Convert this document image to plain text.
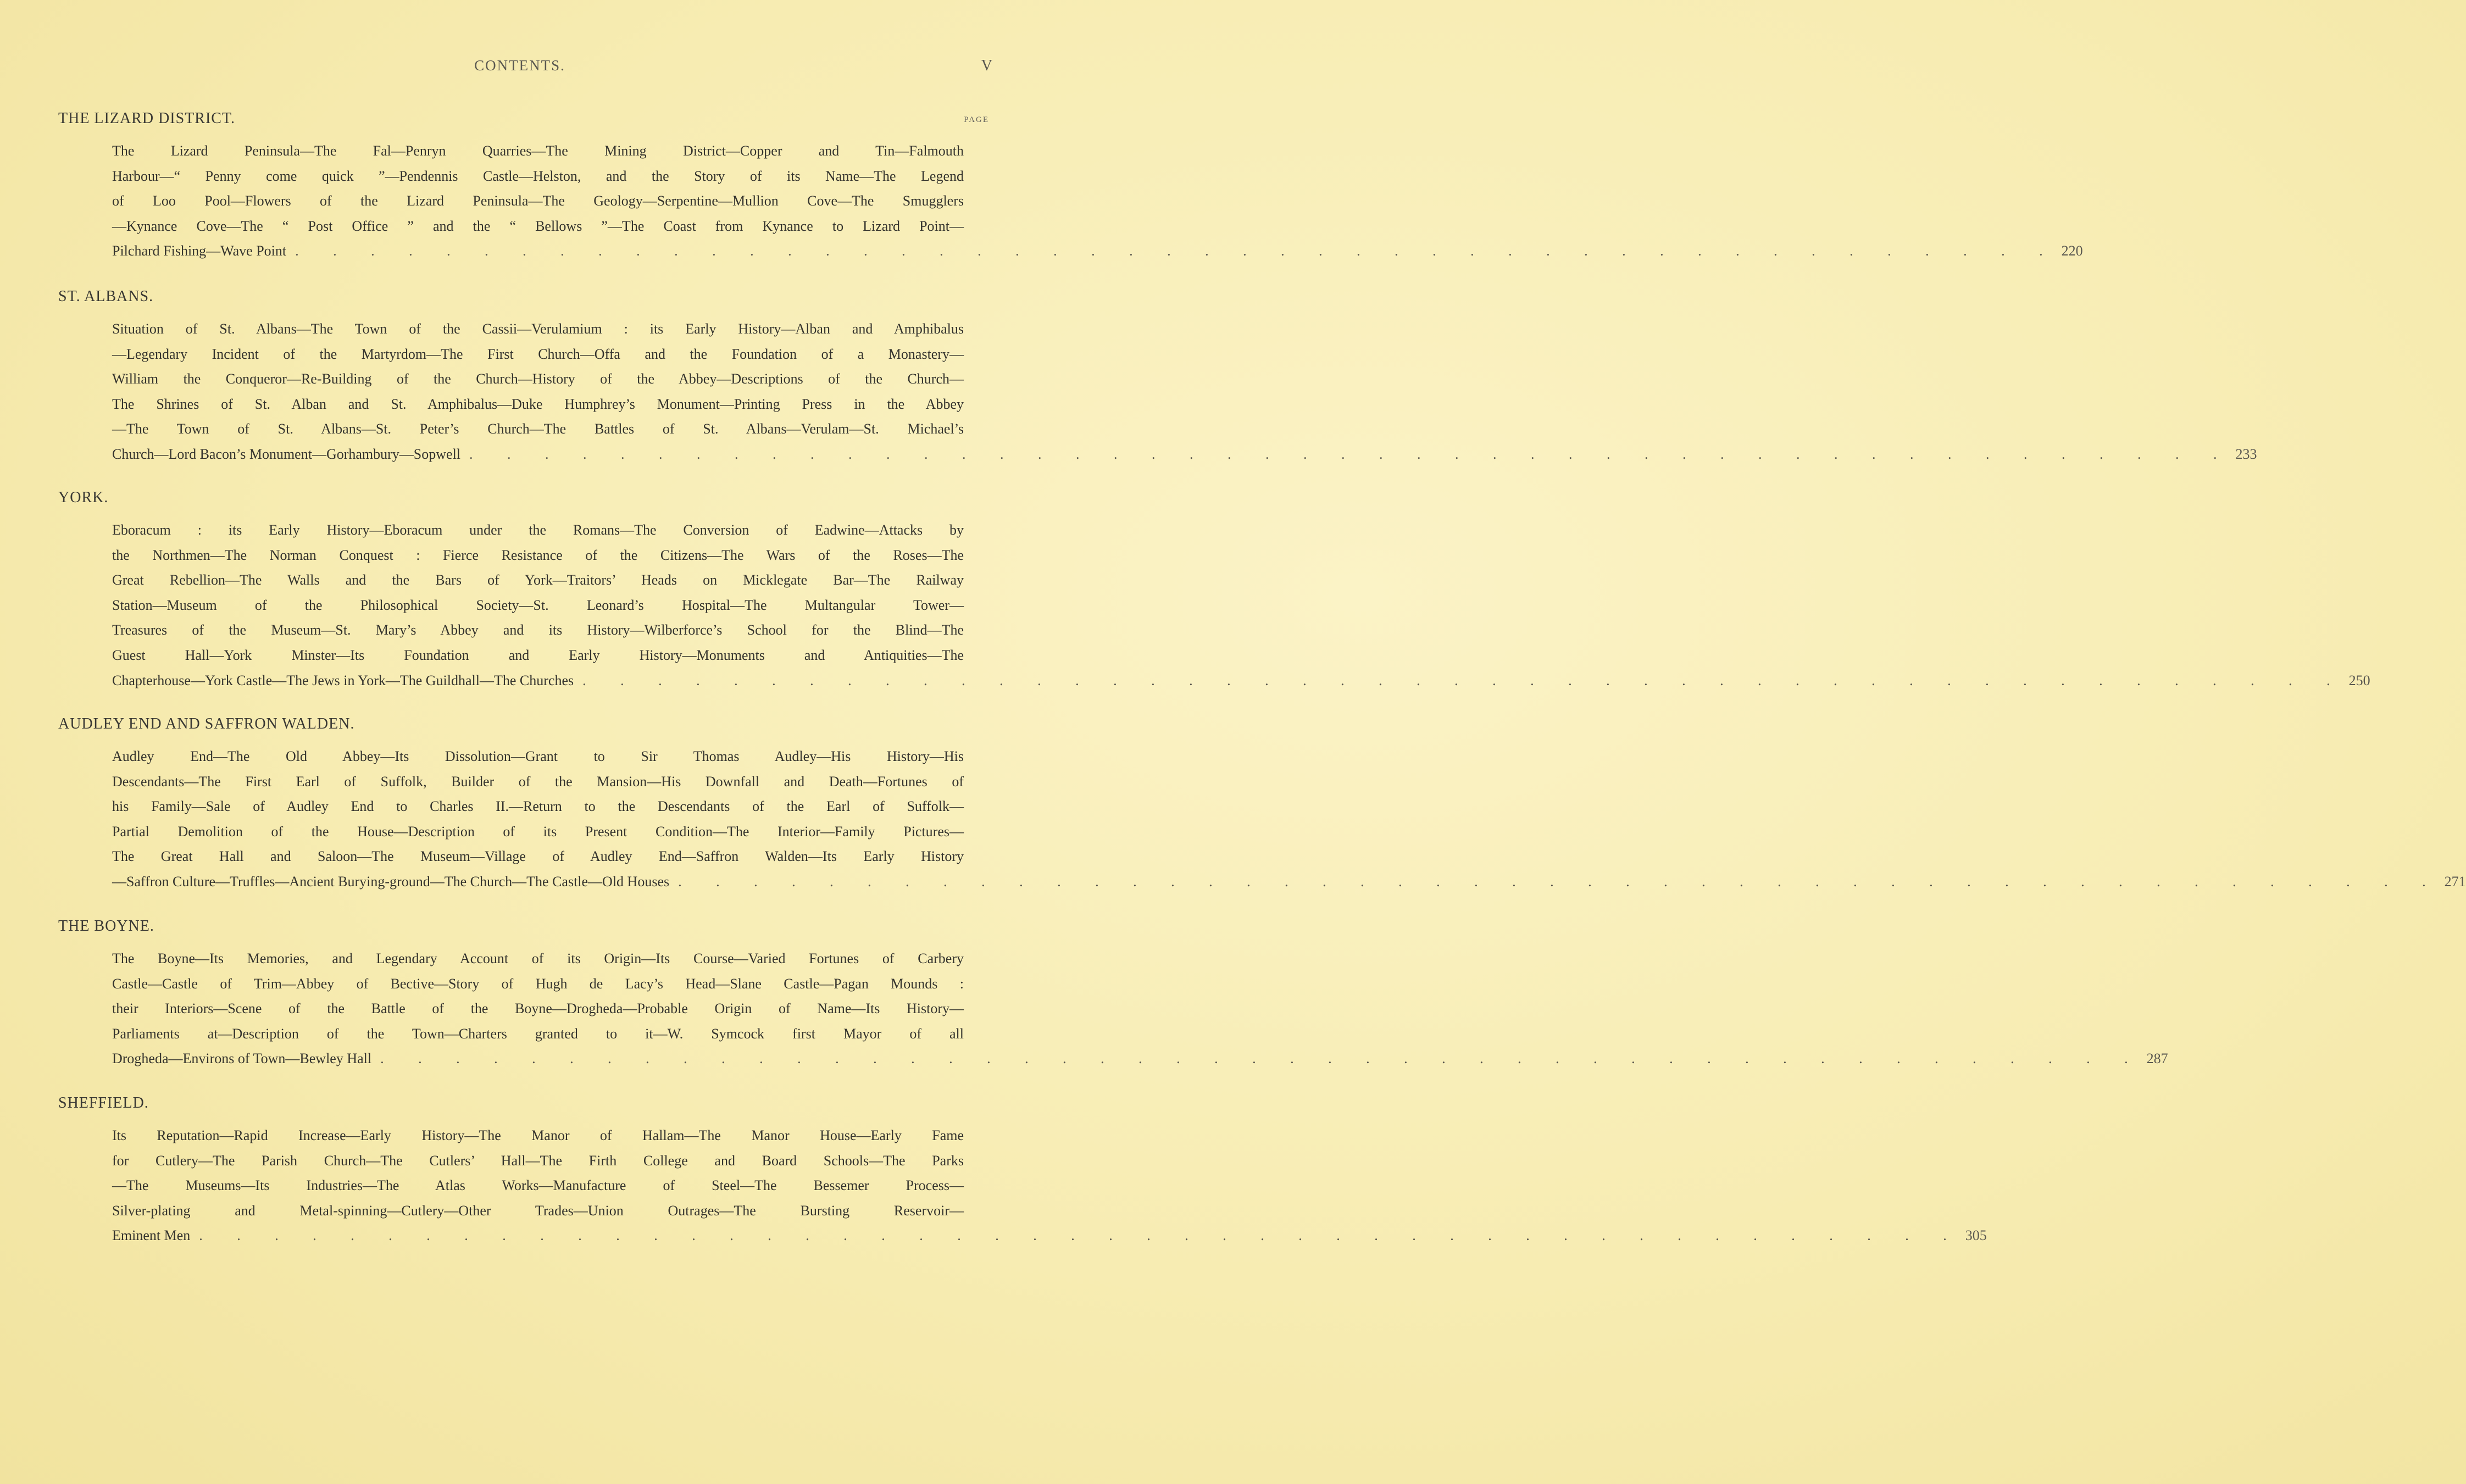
CONTENTS.	V
PAGE
THE LIZARD DISTRICT.
The Lizard Peninsula—The Fal—Penryn Quarries—The Mining District—Copper and Tin—Falmouth
Harbour—“ Penny come quick ”—Pendennis Castle—Helston, and the Story of its Name—The Legend
of Loo Pool—Flowers of the Lizard Peninsula—The Geology—Serpentine—Mullion Cove—The Smugglers
—Kynance Cove—The “ Post Office ” and the “ Bellows ”—The Coast from Kynance to Lizard Point—
Pilchard Fishing—Wave Point . . . . . . . . . . . . . . . . . . . . . . . . . . . . . . . . . . . . . . . . . . . . . . . 220
ST. ALBANS.
Situation of St. Albans—The Town of the Cassii—Verulamium : its Early History—Alban and Amphibalus
—Legendary Incident of the Martyrdom—The First Church—Offa and the Foundation of a Monastery—
William the Conqueror—Re-Building of the Church—History of the Abbey—Descriptions of the Church—
The Shrines of St. Alban and St. Amphibalus—Duke Humphrey’s Monument—Printing Press in the Abbey
—The Town of St. Albans—St. Peter’s Church—The Battles of St. Albans—Verulam—St. Michael’s
Church—Lord Bacon’s Monument—Gorhambury—Sopwell . . . . . . . . . . . . . . . . . . . . . . . . . . . . . . . . . . . . . . . . . . . . . . . 233
YORK.
Eboracum : its Early History—Eboracum under the Romans—The Conversion of Eadwine—Attacks by
the Northmen—The Norman Conquest : Fierce Resistance of the Citizens—The Wars of the Roses—The
Great Rebellion—The Walls and the Bars of York—Traitors’ Heads on Micklegate Bar—The Railway
Station—Museum of the Philosophical Society—St. Leonard’s Hospital—The Multangular Tower—
Treasures of the Museum—St. Mary’s Abbey and its History—Wilberforce’s School for the Blind—The
Guest Hall—York Minster—Its Foundation and Early History—Monuments and Antiquities—The
Chapterhouse—York Castle—The Jews in York—The Guildhall—The Churches . . . . . . . . . . . . . . . . . . . . . . . . . . . . . . . . . . . . . . . . . . . . . . . 250
AUDLEY END AND SAFFRON WALDEN.
Audley End—The Old Abbey—Its Dissolution—Grant to Sir Thomas Audley—His History—His
Descendants—The First Earl of Suffolk, Builder of the Mansion—His Downfall and Death—Fortunes of
his Family—Sale of Audley End to Charles II.—Return to the Descendants of the Earl of Suffolk—
Partial Demolition of the House—Description of its Present Condition—The Interior—Family Pictures—
The Great Hall and Saloon—The Museum—Village of Audley End—Saffron Walden—Its Early History
—Saffron Culture—Truffles—Ancient Burying-ground—The Church—The Castle—Old Houses . . . . . . . . . . . . . . . . . . . . . . . . . . . . . . . . . . . . . . . . . . . . . . . 271
THE BOYNE.
The Boyne—Its Memories, and Legendary Account of its Origin—Its Course—Varied Fortunes of Carbery
Castle—Castle of Trim—Abbey of Bective—Story of Hugh de Lacy’s Head—Slane Castle—Pagan Mounds :
their Interiors—Scene of the Battle of the Boyne—Drogheda—Probable Origin of Name—Its History—
Parliaments at—Description of the Town—Charters granted to it—W. Symcock first Mayor of all
Drogheda—Environs of Town—Bewley Hall . . . . . . . . . . . . . . . . . . . . . . . . . . . . . . . . . . . . . . . . . . . . . . . 287
SHEFFIELD.
Its Reputation—Rapid Increase—Early History—The Manor of Hallam—The Manor House—Early Fame
for Cutlery—The Parish Church—The Cutlers’ Hall—The Firth College and Board Schools—The Parks
—The Museums—Its Industries—The Atlas Works—Manufacture of Steel—The Bessemer Process—
Silver-plating and Metal-spinning—Cutlery—Other Trades—Union Outrages—The Bursting Reservoir—
Eminent Men . . . . . . . . . . . . . . . . . . . . . . . . . . . . . . . . . . . . . . . . . . . . . . . 305
